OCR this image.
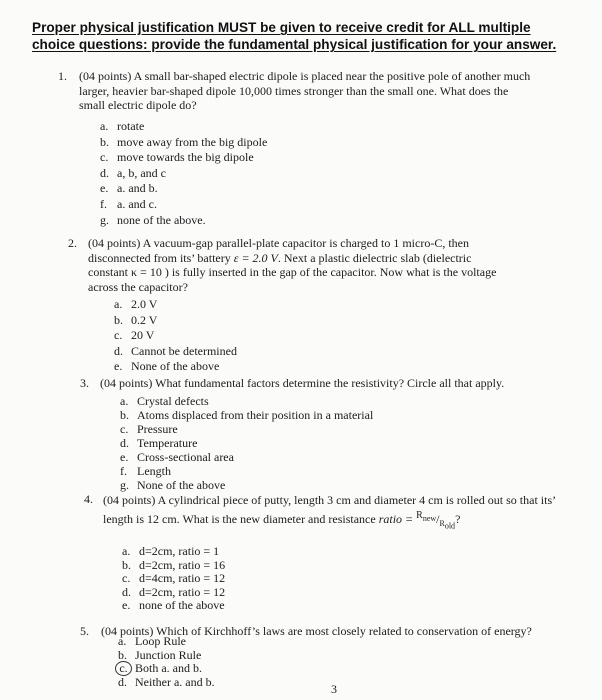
Proper physical justification MUST be given to receive credit for ALL multiple
choice questions: provide the fundamental physical justification for your answer.
1.	(04 points) A small bar-shaped electric dipole is placed near the positive pole of another much larger, heavier bar-shaped dipole 10,000 times stronger than the small one. What does the small electric dipole do?
a. rotate
b. move away from the big dipole
c. move towards the big dipole
d. a, b, and c
e. a. and b.
f. a. and c.
g. none of the above.
2. (04 points) A vacuum-gap parallel-plate capacitor is charged to 1 micro-C, then disconnected from its’ battery ε = 2.0 V. Next a plastic dielectric slab (dielectric constant κ = 10 ) is fully inserted in the gap of the capacitor. Now what is the voltage across the capacitor?
a. 2.0 V
b. 0.2 V
c. 20 V
d. Cannot be determined
e. None of the above
3. (04 points) What fundamental factors determine the resistivity? Circle all that apply.
a. Crystal defects
b. Atoms displaced from their position in a material
c. Pressure
d. Temperature
e. Cross-sectional area
f. Length
g. None of the above
4. (04 points) A cylindrical piece of putty, length 3 cm and diameter 4 cm is rolled out so that its’ length is 12 cm. What is the new diameter and resistance ratio = $^{R_{new}}/_{R_{old}}$?
a. d=2cm, ratio = 1
b. d=2cm, ratio = 16
c. d=4cm, ratio = 12
d. d=2cm, ratio = 12
e. none of the above
5.	(04 points) Which of Kirchhoff’s laws are most closely related to conservation of energy?
a. Loop Rule
b. Junction Rule
c. Both a. and b.
d. Neither a. and b.
3
